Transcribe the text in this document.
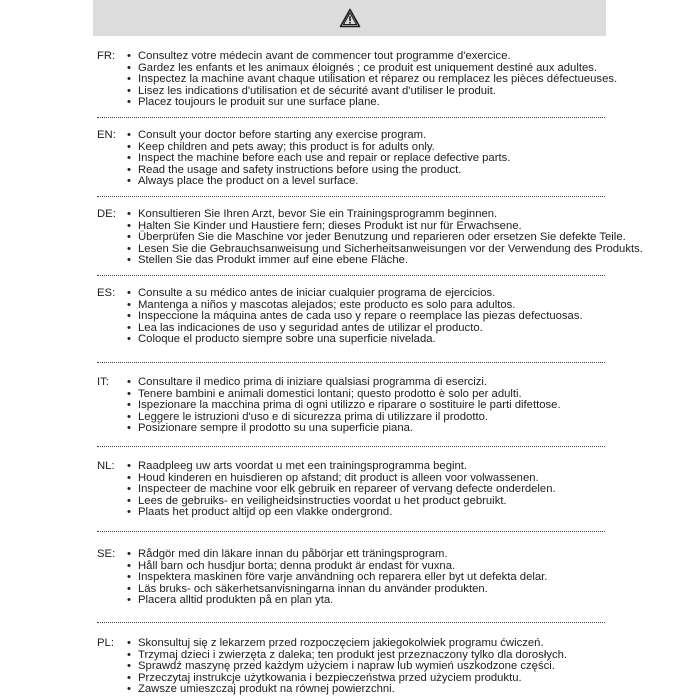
FR:	• Consultez votre médecin avant de commencer tout programme d'exercice.
• Gardez les enfants et les animaux éloignés ; ce produit est uniquement destiné aux adultes.
• Inspectez la machine avant chaque utilisation et réparez ou remplacez les pièces défectueuses.
• Lisez les indications d'utilisation et de sécurité avant d'utiliser le produit.
• Placez toujours le produit sur une surface plane.
EN: • Consult your doctor before starting any exercise program.
• Keep children and pets away; this product is for adults only.
• Inspect the machine before each use and repair or replace defective parts.
• Read the usage and safety instructions before using the product.
• Always place the product on a level surface.
DE: • Konsultieren Sie Ihren Arzt, bevor Sie ein Trainingsprogramm beginnen.
• Halten Sie Kinder und Haustiere fern; dieses Produkt ist nur für Erwachsene.
• Überprüfen Sie die Maschine vor jeder Benutzung und reparieren oder ersetzen Sie defekte Teile.
• Lesen Sie die Gebrauchsanweisung und Sicherheitsanweisungen vor der Verwendung des Produkts.
• Stellen Sie das Produkt immer auf eine ebene Fläche.
ES:	• Consulte a su médico antes de iniciar cualquier programa de ejercicios.
• Mantenga a niños y mascotas alejados; este producto es solo para adultos.
• Inspeccione la máquina antes de cada uso y repare o reemplace las piezas defectuosas.
• Lea las indicaciones de uso y seguridad antes de utilizar el producto.
• Coloque el producto siempre sobre una superficie nivelada.
IT:	• Consultare il medico prima di iniziare qualsiasi programma di esercizi.
• Tenere bambini e animali domestici lontani; questo prodotto è solo per adulti.
• Ispezionare la macchina prima di ogni utilizzo e riparare o sostituire le parti difettose.
• Leggere le istruzioni d'uso e di sicurezza prima di utilizzare il prodotto.
• Posizionare sempre il prodotto su una superficie piana.
NL:	• Raadpleeg uw arts voordat u met een trainingsprogramma begint.
• Houd kinderen en huisdieren op afstand; dit product is alleen voor volwassenen.
• Inspecteer de machine voor elk gebruik en repareer of vervang defecte onderdelen.
• Lees de gebruiks- en veiligheidsinstructies voordat u het product gebruikt.
• Plaats het product altijd op een vlakke ondergrond.
SE:	• Rådgör med din läkare innan du påbörjar ett träningsprogram.
• Håll barn och husdjur borta; denna produkt är endast för vuxna.
• Inspektera maskinen före varje användning och reparera eller byt ut defekta delar.
• Läs bruks- och säkerhetsanvisningarna innan du använder produkten.
• Placera alltid produkten på en plan yta.
PL:	• Skonsultuj się z lekarzem przed rozpoczęciem jakiegokolwiek programu ćwiczeń.
• Trzymaj dzieci i zwierzęta z daleka; ten produkt jest przeznaczony tylko dla dorosłych.
• Sprawdź maszynę przed każdym użyciem i napraw lub wymień uszkodzone części.
• Przeczytaj instrukcje użytkowania i bezpieczeństwa przed użyciem produktu.
• Zawsze umieszczaj produkt na równej powierzchni.
